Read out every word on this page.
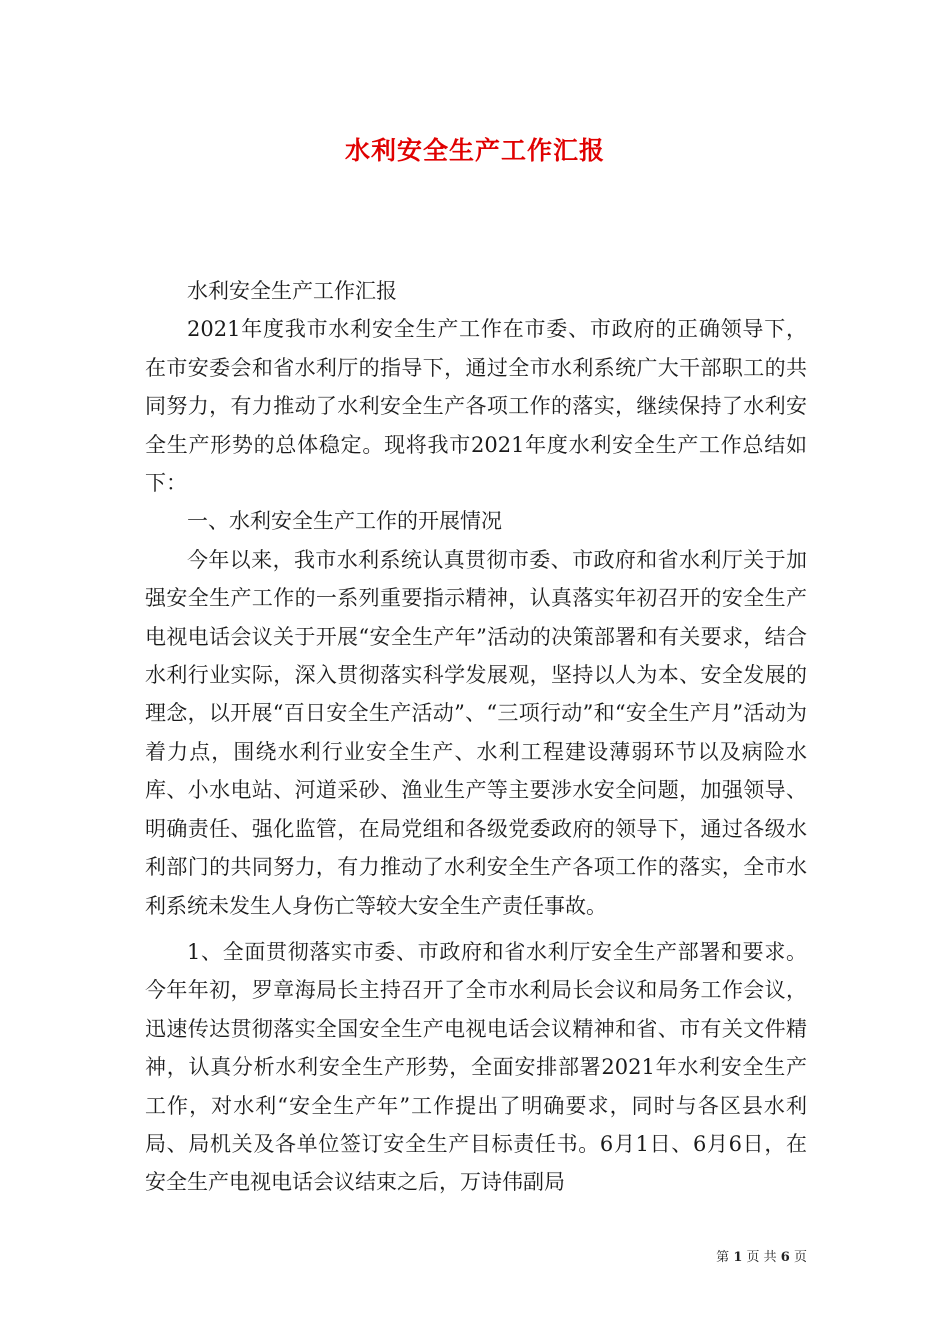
水利安全生产工作汇报

水利安全生产工作汇报

2021年度我市水利安全生产工作在市委、市政府的正确领导下，在市安委会和省水利厅的指导下，通过全市水利系统广大干部职工的共同努力，有力推动了水利安全生产各项工作的落实，继续保持了水利安全生产形势的总体稳定。现将我市2021年度水利安全生产工作总结如下：

一、水利安全生产工作的开展情况

今年以来，我市水利系统认真贯彻市委、市政府和省水利厅关于加强安全生产工作的一系列重要指示精神，认真落实年初召开的安全生产电视电话会议关于开展“安全生产年”活动的决策部署和有关要求，结合水利行业实际，深入贯彻落实科学发展观，坚持以人为本、安全发展的理念，以开展“百日安全生产活动”、“三项行动”和“安全生产月”活动为着力点，围绕水利行业安全生产、水利工程建设薄弱环节以及病险水库、小水电站、河道采砂、渔业生产等主要涉水安全问题，加强领导、明确责任、强化监管，在局党组和各级党委政府的领导下，通过各级水利部门的共同努力，有力推动了水利安全生产各项工作的落实，全市水利系统未发生人身伤亡等较大安全生产责任事故。

1、全面贯彻落实市委、市政府和省水利厅安全生产部署和要求。今年年初，罗章海局长主持召开了全市水利局长会议和局务工作会议，迅速传达贯彻落实全国安全生产电视电话会议精神和省、市有关文件精神，认真分析水利安全生产形势，全面安排部署2021年水利安全生产工作，对水利“安全生产年”工作提出了明确要求，同时与各区县水利局、局机关及各单位签订安全生产目标责任书。6月1日、6月6日，在安全生产电视电话会议结束之后，万诗伟副局

第 1 页 共 6 页
